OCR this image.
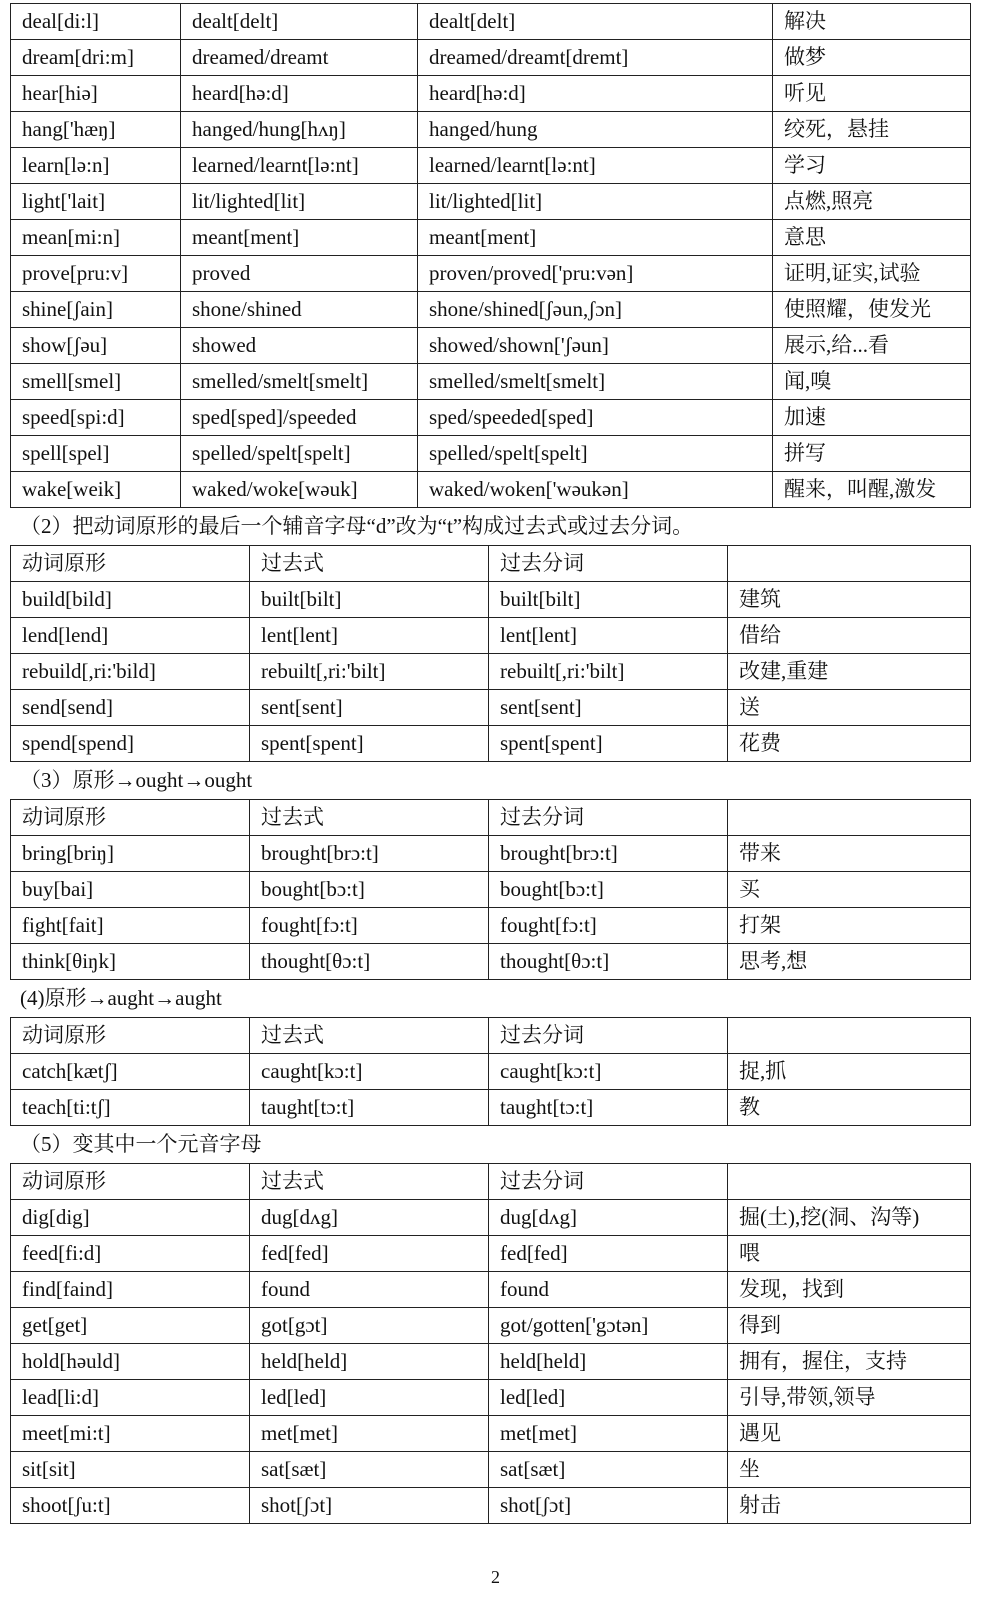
deal[di:l]	dealt[delt]	dealt[delt]	解决
dream[dri:m]	dreamed/dreamt	dreamed/dreamt[dremt]	做梦
hear[hiə]	heard[hə:d]	heard[hə:d]	听见
hang['hæŋ]	hanged/hung[hʌŋ]	hanged/hung	绞死，悬挂
learn[lə:n]	learned/learnt[lə:nt]	learned/learnt[lə:nt]	学习
light['lait]	lit/lighted[lit]	lit/lighted[lit]	点燃,照亮
mean[mi:n]	meant[ment]	meant[ment]	意思
prove[pru:v]	proved	proven/proved['pru:vən]	证明,证实,试验
shine[ʃain]	shone/shined	shone/shined[ʃəun,ʃɔn]	使照耀，使发光
show[ʃəu]	showed	showed/shown['ʃəun]	展示,给...看
smell[smel]	smelled/smelt[smelt]	smelled/smelt[smelt]	闻,嗅
speed[spi:d]	sped[sped]/speeded	sped/speeded[sped]	加速
spell[spel]	spelled/spelt[spelt]	spelled/spelt[spelt]	拼写
wake[weik]	waked/woke[wəuk]	waked/woken['wəukən]	醒来，叫醒,激发
（2）把动词原形的最后一个辅音字母“d”改为“t”构成过去式或过去分词。
动词原形	过去式	过去分词	
build[bild]	built[bilt]	built[bilt]	建筑
lend[lend]	lent[lent]	lent[lent]	借给
rebuild[,ri:'bild]	rebuilt[,ri:'bilt]	rebuilt[,ri:'bilt]	改建,重建
send[send]	sent[sent]	sent[sent]	送
spend[spend]	spent[spent]	spent[spent]	花费
（3）原形→ought→ought
动词原形	过去式	过去分词	
bring[briŋ]	brought[brɔ:t]	brought[brɔ:t]	带来
buy[bai]	bought[bɔ:t]	bought[bɔ:t]	买
fight[fait]	fought[fɔ:t]	fought[fɔ:t]	打架
think[θiŋk]	thought[θɔ:t]	thought[θɔ:t]	思考,想
(4)原形→aught→aught
动词原形	过去式	过去分词	
catch[kætʃ]	caught[kɔ:t]	caught[kɔ:t]	捉,抓
teach[ti:tʃ]	taught[tɔ:t]	taught[tɔ:t]	教
（5）变其中一个元音字母
动词原形	过去式	过去分词	
dig[dig]	dug[dʌg]	dug[dʌg]	掘(土),挖(洞、沟等)
feed[fi:d]	fed[fed]	fed[fed]	喂
find[faind]	found	found	发现，找到
get[get]	got[gɔt]	got/gotten['gɔtən]	得到
hold[həuld]	held[held]	held[held]	拥有，握住，支持
lead[li:d]	led[led]	led[led]	引导,带领,领导
meet[mi:t]	met[met]	met[met]	遇见
sit[sit]	sat[sæt]	sat[sæt]	坐
shoot[ʃu:t]	shot[ʃɔt]	shot[ʃɔt]	射击
2
